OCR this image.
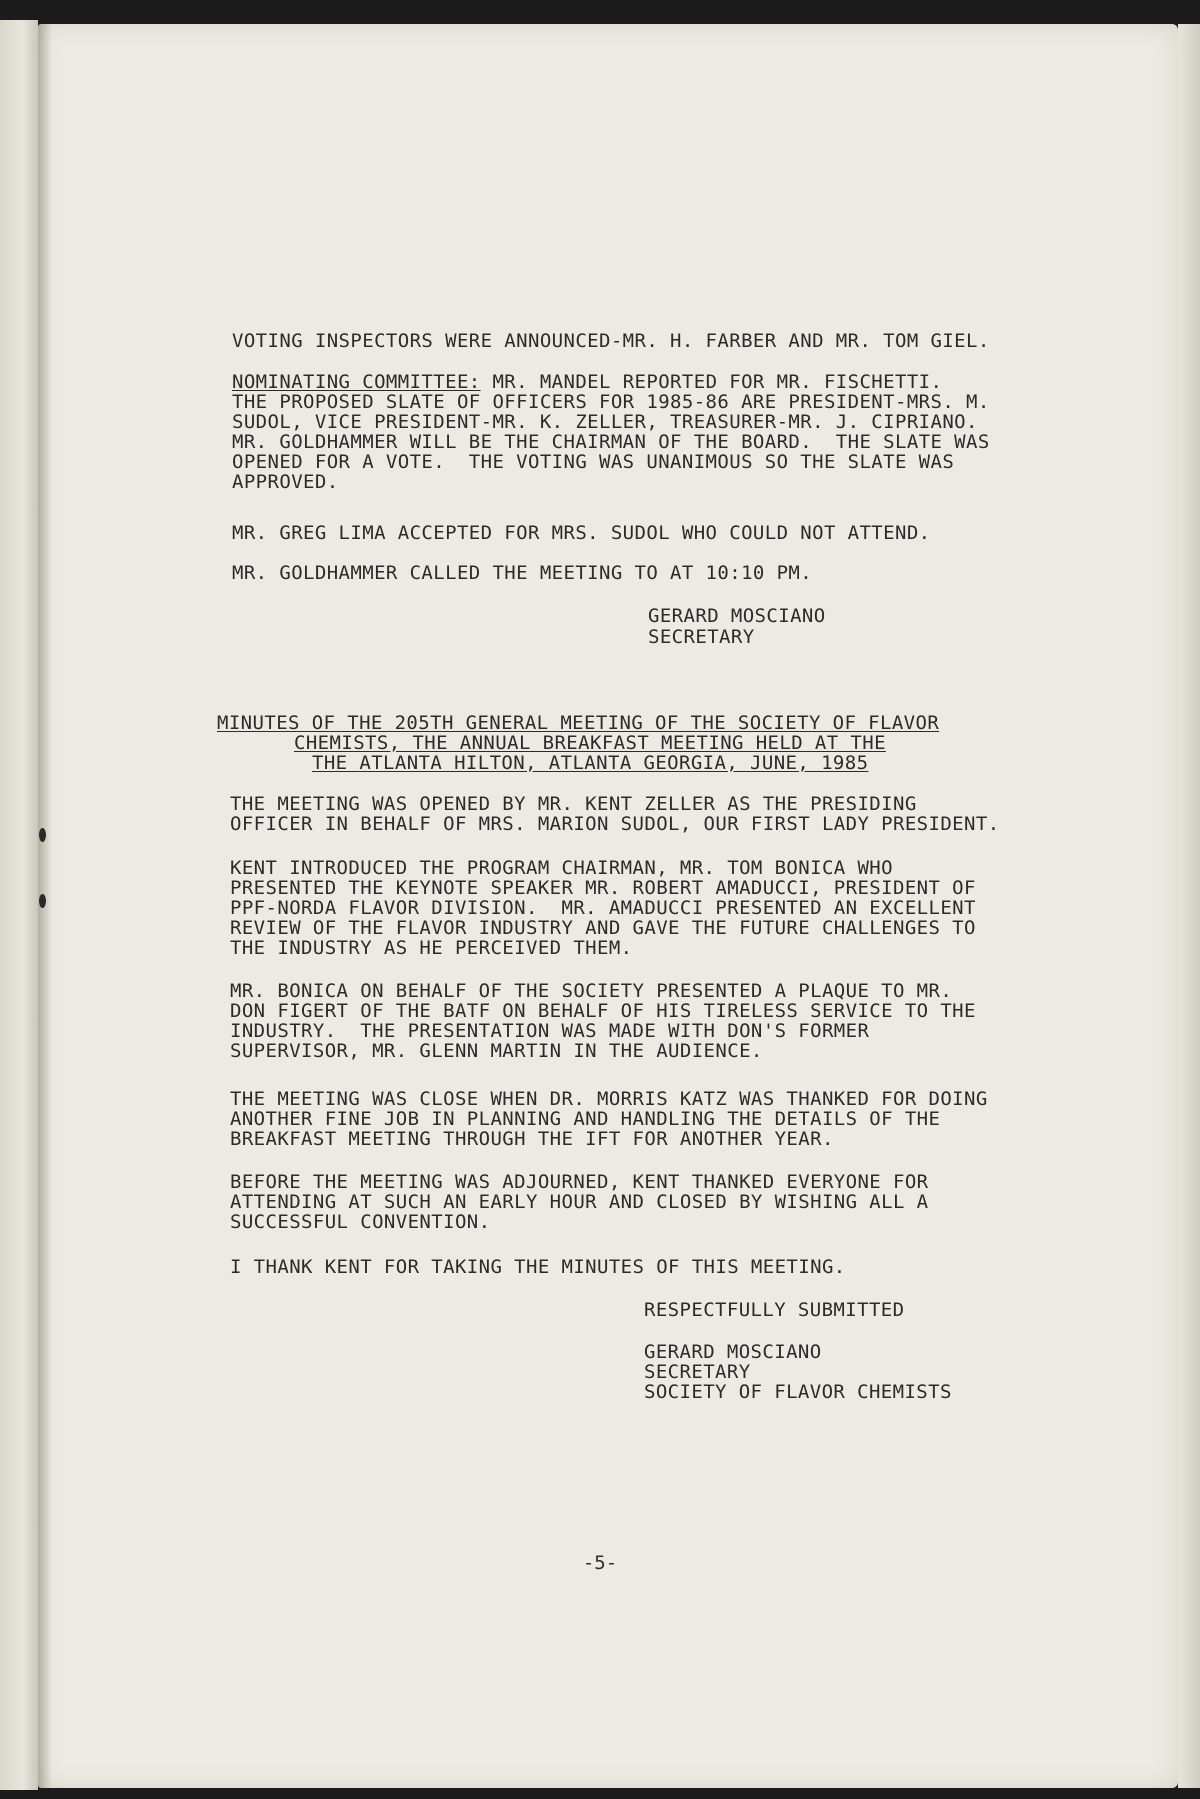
VOTING INSPECTORS WERE ANNOUNCED-MR. H. FARBER AND MR. TOM GIEL.
NOMINATING COMMITTEE: MR. MANDEL REPORTED FOR MR. FISCHETTI.
THE PROPOSED SLATE OF OFFICERS FOR 1985-86 ARE PRESIDENT-MRS. M.
SUDOL, VICE PRESIDENT-MR. K. ZELLER, TREASURER-MR. J. CIPRIANO.
MR. GOLDHAMMER WILL BE THE CHAIRMAN OF THE BOARD.  THE SLATE WAS
OPENED FOR A VOTE.  THE VOTING WAS UNANIMOUS SO THE SLATE WAS
APPROVED.
MR. GREG LIMA ACCEPTED FOR MRS. SUDOL WHO COULD NOT ATTEND.
MR. GOLDHAMMER CALLED THE MEETING TO AT 10:10 PM.
GERARD MOSCIANO
SECRETARY
MINUTES OF THE 205TH GENERAL MEETING OF THE SOCIETY OF FLAVOR
CHEMISTS, THE ANNUAL BREAKFAST MEETING HELD AT THE
THE ATLANTA HILTON, ATLANTA GEORGIA, JUNE, 1985
THE MEETING WAS OPENED BY MR. KENT ZELLER AS THE PRESIDING
OFFICER IN BEHALF OF MRS. MARION SUDOL, OUR FIRST LADY PRESIDENT.
KENT INTRODUCED THE PROGRAM CHAIRMAN, MR. TOM BONICA WHO
PRESENTED THE KEYNOTE SPEAKER MR. ROBERT AMADUCCI, PRESIDENT OF
PPF-NORDA FLAVOR DIVISION.  MR. AMADUCCI PRESENTED AN EXCELLENT
REVIEW OF THE FLAVOR INDUSTRY AND GAVE THE FUTURE CHALLENGES TO
THE INDUSTRY AS HE PERCEIVED THEM.
MR. BONICA ON BEHALF OF THE SOCIETY PRESENTED A PLAQUE TO MR.
DON FIGERT OF THE BATF ON BEHALF OF HIS TIRELESS SERVICE TO THE
INDUSTRY.  THE PRESENTATION WAS MADE WITH DON'S FORMER
SUPERVISOR, MR. GLENN MARTIN IN THE AUDIENCE.
THE MEETING WAS CLOSE WHEN DR. MORRIS KATZ WAS THANKED FOR DOING
ANOTHER FINE JOB IN PLANNING AND HANDLING THE DETAILS OF THE
BREAKFAST MEETING THROUGH THE IFT FOR ANOTHER YEAR.
BEFORE THE MEETING WAS ADJOURNED, KENT THANKED EVERYONE FOR
ATTENDING AT SUCH AN EARLY HOUR AND CLOSED BY WISHING ALL A
SUCCESSFUL CONVENTION.
I THANK KENT FOR TAKING THE MINUTES OF THIS MEETING.
RESPECTFULLY SUBMITTED
GERARD MOSCIANO
SECRETARY
SOCIETY OF FLAVOR CHEMISTS
-5-
